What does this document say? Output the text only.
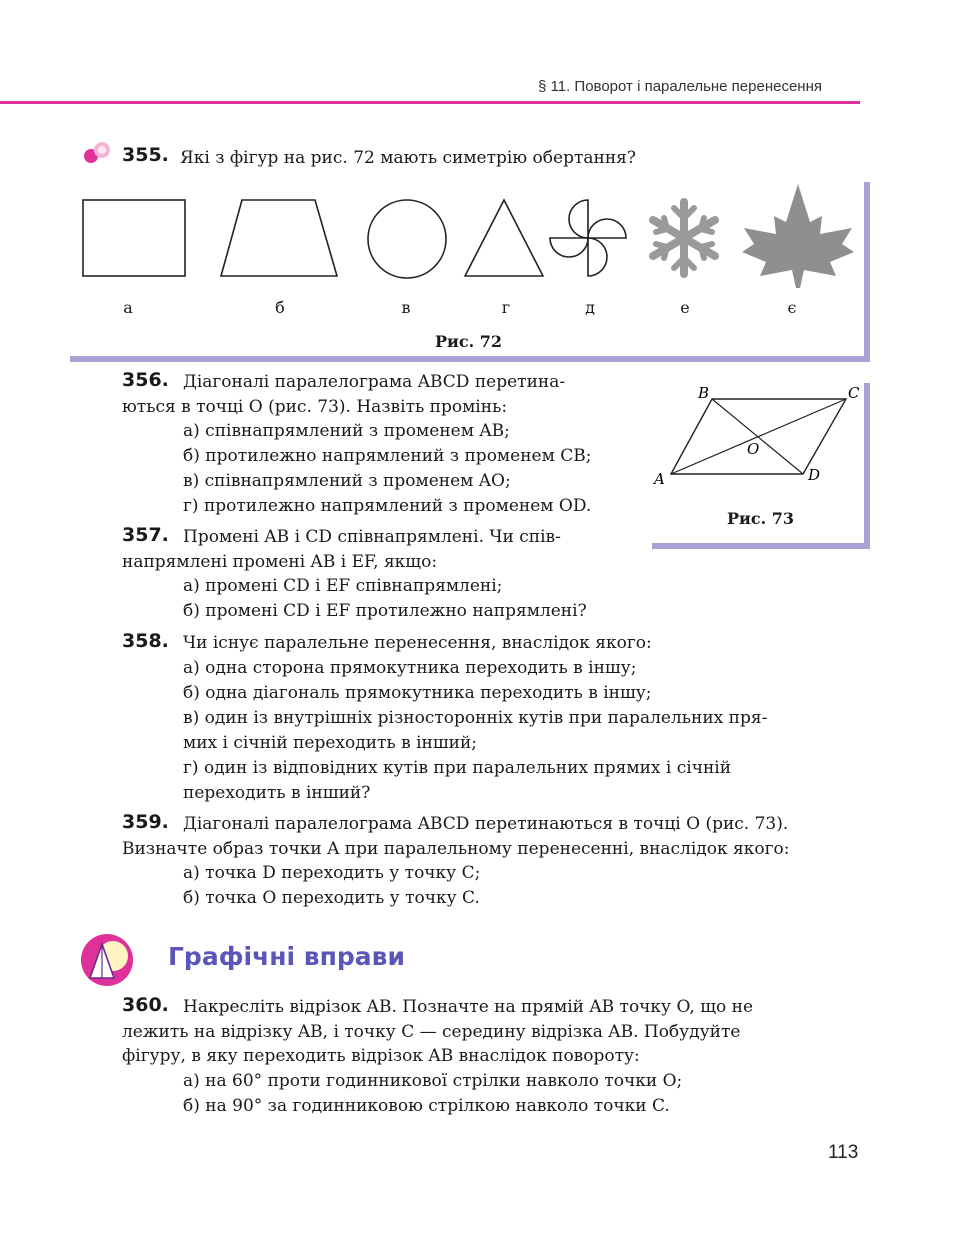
§ 11. Поворот і паралельне перенесення
355. Які з фігур на рис. 72 мають симетрію обертання?
а	б	в	г	д	е	є
Рис. 72
356. Діагоналі паралелограма ABCD перетина-
ються в точці O (рис. 73). Назвіть промінь:
а) співнапрямлений з променем AB;
б) протилежно напрямлений з променем CB;
в) співнапрямлений з променем AO;
г) протилежно напрямлений з променем OD.
A
B	C
D
O
Рис. 73
357. Промені AB і CD співнапрямлені. Чи спів-
напрямлені промені AB і EF, якщо:
а) промені CD і EF співнапрямлені;
б) промені CD і EF протилежно напрямлені?
358. Чи існує паралельне перенесення, внаслідок якого:
а) одна сторона прямокутника переходить в іншу;
б) одна діагональ прямокутника переходить в іншу;
в) один із внутрішніх різносторонніх кутів при паралельних пря-
мих і січній переходить в інший;
г) один із відповідних кутів при паралельних прямих і січній
переходить в інший?
359. Діагоналі паралелограма ABCD перетинаються в точці O (рис. 73).
Визначте образ точки A при паралельному перенесенні, внаслідок якого:
а) точка D переходить у точку C;
б) точка O переходить у точку C.
Графічні вправи
360. Накресліть відрізок AB. Позначте на прямій AB точку O, що не
лежить на відрізку AB, і точку C — середину відрізка AB. Побудуйте
фігуру, в яку переходить відрізок AB внаслідок повороту:
а) на 60° проти годинникової стрілки навколо точки O;
б) на 90° за годинниковою стрілкою навколо точки C.
113
